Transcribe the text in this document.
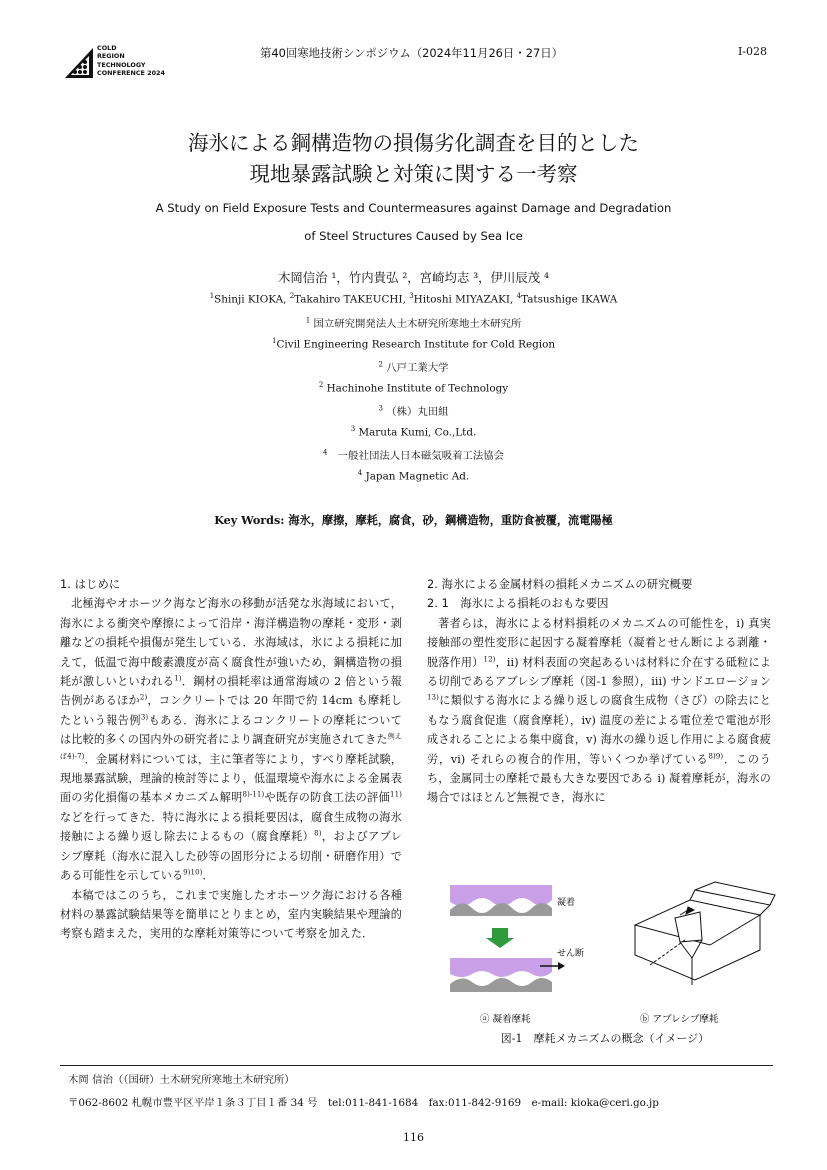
COLD
REGION
TECHNOLOGY
CONFERENCE 2024
第40回寒地技術シンポジウム（2024年11月26日・27日）	I-028
海氷による鋼構造物の損傷劣化調査を目的とした
現地暴露試験と対策に関する一考察
A Study on Field Exposure Tests and Countermeasures against Damage and Degradation
of Steel Structures Caused by Sea Ice
木岡信治 ¹，竹内貴弘 ²，宮崎均志 ³，伊川辰茂 ⁴
$^1$Shinji KIOKA, $^2$Takahiro TAKEUCHI, $^3$Hitoshi MIYAZAKI, $^4$Tatsushige IKAWA
$^1$ 国立研究開発法人土木研究所寒地土木研究所
$^1$Civil Engineering Research Institute for Cold Region
$^2$ 八戸工業大学
$^2$ Hachinohe Institute of Technology
$^3$ （株）丸田組
$^3$ Maruta Kumi, Co.,Ltd.
$^4$　一般社団法人日本磁気吸着工法協会
$^4$ Japan Magnetic Ad.
Key Words: 海氷，摩擦，摩耗，腐食，砂，鋼構造物，重防食被覆，流電陽極
1. はじめに
北極海やオホーツク海など海氷の移動が活発な氷海域において，海氷による衝突や摩擦によって沿岸・海洋構造物の摩耗・変形・剥離などの損耗や損傷が発生している．氷海域は，氷による損耗に加えて，低温で海中酸素濃度が高く腐食性が強いため，鋼構造物の損耗が激しいといわれる$^{1)}$．鋼材の損耗率は通常海域の 2 倍という報告例があるほか$^{2)}$，コンクリートでは 20 年間で約 14cm も摩耗したという報告例$^{3)}$もある．海氷によるコンクリートの摩耗については比較的多くの国内外の研究者により調査研究が実施されてきた$^{例えば4)-7)}$．金属材料については，主に筆者等により，すべり摩耗試験，現地暴露試験，理論的検討等により，低温環境や海水による金属表面の劣化損傷の基本メカニズム解明$^{8)-11)}$や既存の防食工法の評価$^{11)}$などを行ってきた．特に海氷による損耗要因は，腐食生成物の海氷接触による繰り返し除去によるもの（腐食摩耗）$^{8)}$，およびアブレシブ摩耗（海水に混入した砂等の固形分による切削・研磨作用）である可能性を示している$^{9)10)}$．
本稿ではこのうち，これまで実施したオホーツク海における各種材料の暴露試験結果等を簡単にとりまとめ，室内実験結果や理論的考察も踏まえた，実用的な摩耗対策等について考察を加えた．
2. 海氷による金属材料の損耗メカニズムの研究概要
2. 1　海氷による損耗のおもな要因
著者らは，海氷による材料損耗のメカニズムの可能性を，i) 真実接触部の塑性変形に起因する凝着摩耗（凝着とせん断による剥離・脱落作用）$^{12)}$，ii) 材料表面の突起あるいは材料に介在する砥粒による切削であるアブレシブ摩耗（図-1 参照），iii) サンドエロージョン$^{13)}$に類似する海水による繰り返しの腐食生成物（さび）の除去にともなう腐食促進（腐食摩耗），iv) 温度の差による電位差で電池が形成されることによる集中腐食，v) 海水の繰り返し作用による腐食疲労，vi) それらの複合的作用，等いくつか挙げている$^{8)9)}$．このうち，金属同士の摩耗で最も大きな要因である i) 凝着摩耗が，海氷の場合ではほとんど無視でき，海氷に
凝着
せん断
ⓐ 凝着摩耗	ⓑ アブレシブ摩耗
図-1　摩耗メカニズムの概念（イメージ）
木岡 信治（（国研）土木研究所寒地土木研究所）
〒062-8602 札幌市豊平区平岸１条３丁目１番 34 号　tel:011-841-1684　fax:011-842-9169　e-mail: kioka@ceri.go.jp
116
